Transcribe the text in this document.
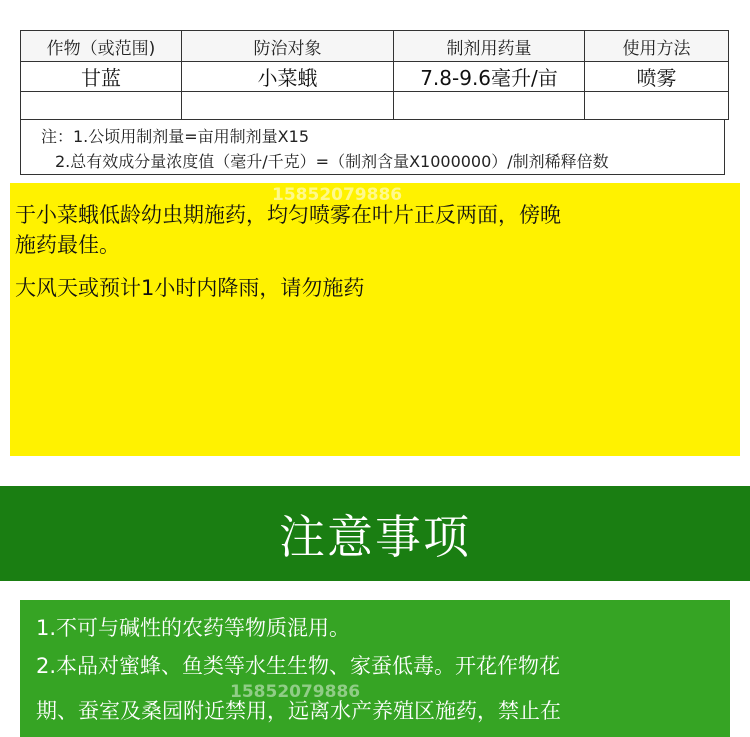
作物（或范围)	防治对象	制剂用药量	使用方法
甘蓝	小菜蛾	7.8-9.6毫升/亩	喷雾

注：1.公顷用制剂量=亩用制剂量X15
2.总有效成分量浓度值（毫升/千克）=（制剂含量X1000000）/制剂稀释倍数

于小菜蛾低龄幼虫期施药，均匀喷雾在叶片正反两面，傍晚

施药最佳。

大风天或预计1小时内降雨，请勿施药

15852079886
注意事项

1.不可与碱性的农药等物质混用。

2.本品对蜜蜂、鱼类等水生生物、家蚕低毒。开花作物花

期、蚕室及桑园附近禁用，远离水产养殖区施药，禁止在

15852079886
